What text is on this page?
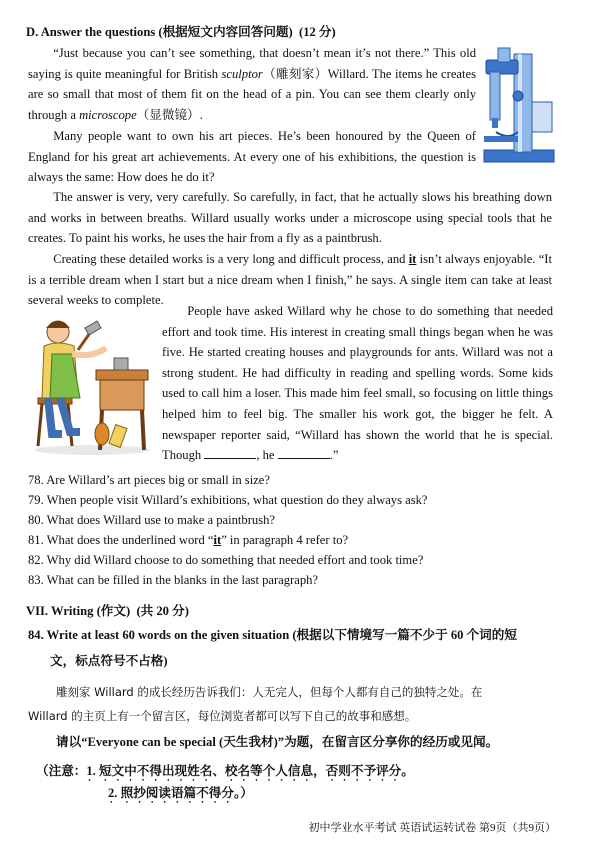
D. Answer the questions (根据短文内容回答问题) (12 分)

“Just because you can’t see something, that doesn’t mean it’s not there.” This old saying is quite meaningful for British sculptor（雕刻家）Willard. The items he creates are so small that most of them fit on the head of a pin. You can see them clearly only through a microscope（显微镜）.

Many people want to own his art pieces. He’s been honoured by the Queen of England for his great art achievements. At every one of his exhibitions, the question is always the same: How does he do it?

The answer is very, very carefully. So carefully, in fact, that he actually slows his breathing down and works in between breaths. Willard usually works under a microscope using special tools that he creates. To paint his works, he uses the hair from a fly as a paintbrush.

Creating these detailed works is a very long and difficult process, and it isn’t always enjoyable. “It is a terrible dream when I start but a nice dream when I finish,” he says. A single item can take at least several weeks to complete.

People have asked Willard why he chose to do something that needed effort and took time. His interest in creating small things began when he was five. He started creating houses and playgrounds for ants. Willard was not a strong student. He had difficulty in reading and spelling words. Some kids used to call him a loser. This made him feel small, so focusing on little things helped him to feel big. The smaller his work got, the bigger he felt. A newspaper reporter said, “Willard has shown the world that he is special. Though	, he	.”

78. Are Willard’s art pieces big or small in size?
79. When people visit Willard’s exhibitions, what question do they always ask?
80. What does Willard use to make a paintbrush?
81. What does the underlined word “it” in paragraph 4 refer to?
82. Why did Willard choose to do something that needed effort and took time?
83. What can be filled in the blanks in the last paragraph?
VII. Writing (作文) (共 20 分)
84. Write at least 60 words on the given situation (根据以下情境写一篇不少于 60 个词的短
文，标点符号不占格)
雕刻家 Willard 的成长经历告诉我们：人无完人，但每个人都有自己的独特之处。在
Willard 的主页上有一个留言区，每位浏览者都可以写下自己的故事和感想。
请以“Everyone can be special (天生我材)”为题，在留言区分享你的经历或见闻。
（注意：1. 短文中不得出现姓名、校名等个人信息，否则不予评分。
2. 照抄阅读语篇不得分。）
初中学业水平考试 英语试运转试卷 第9页（共9页）
